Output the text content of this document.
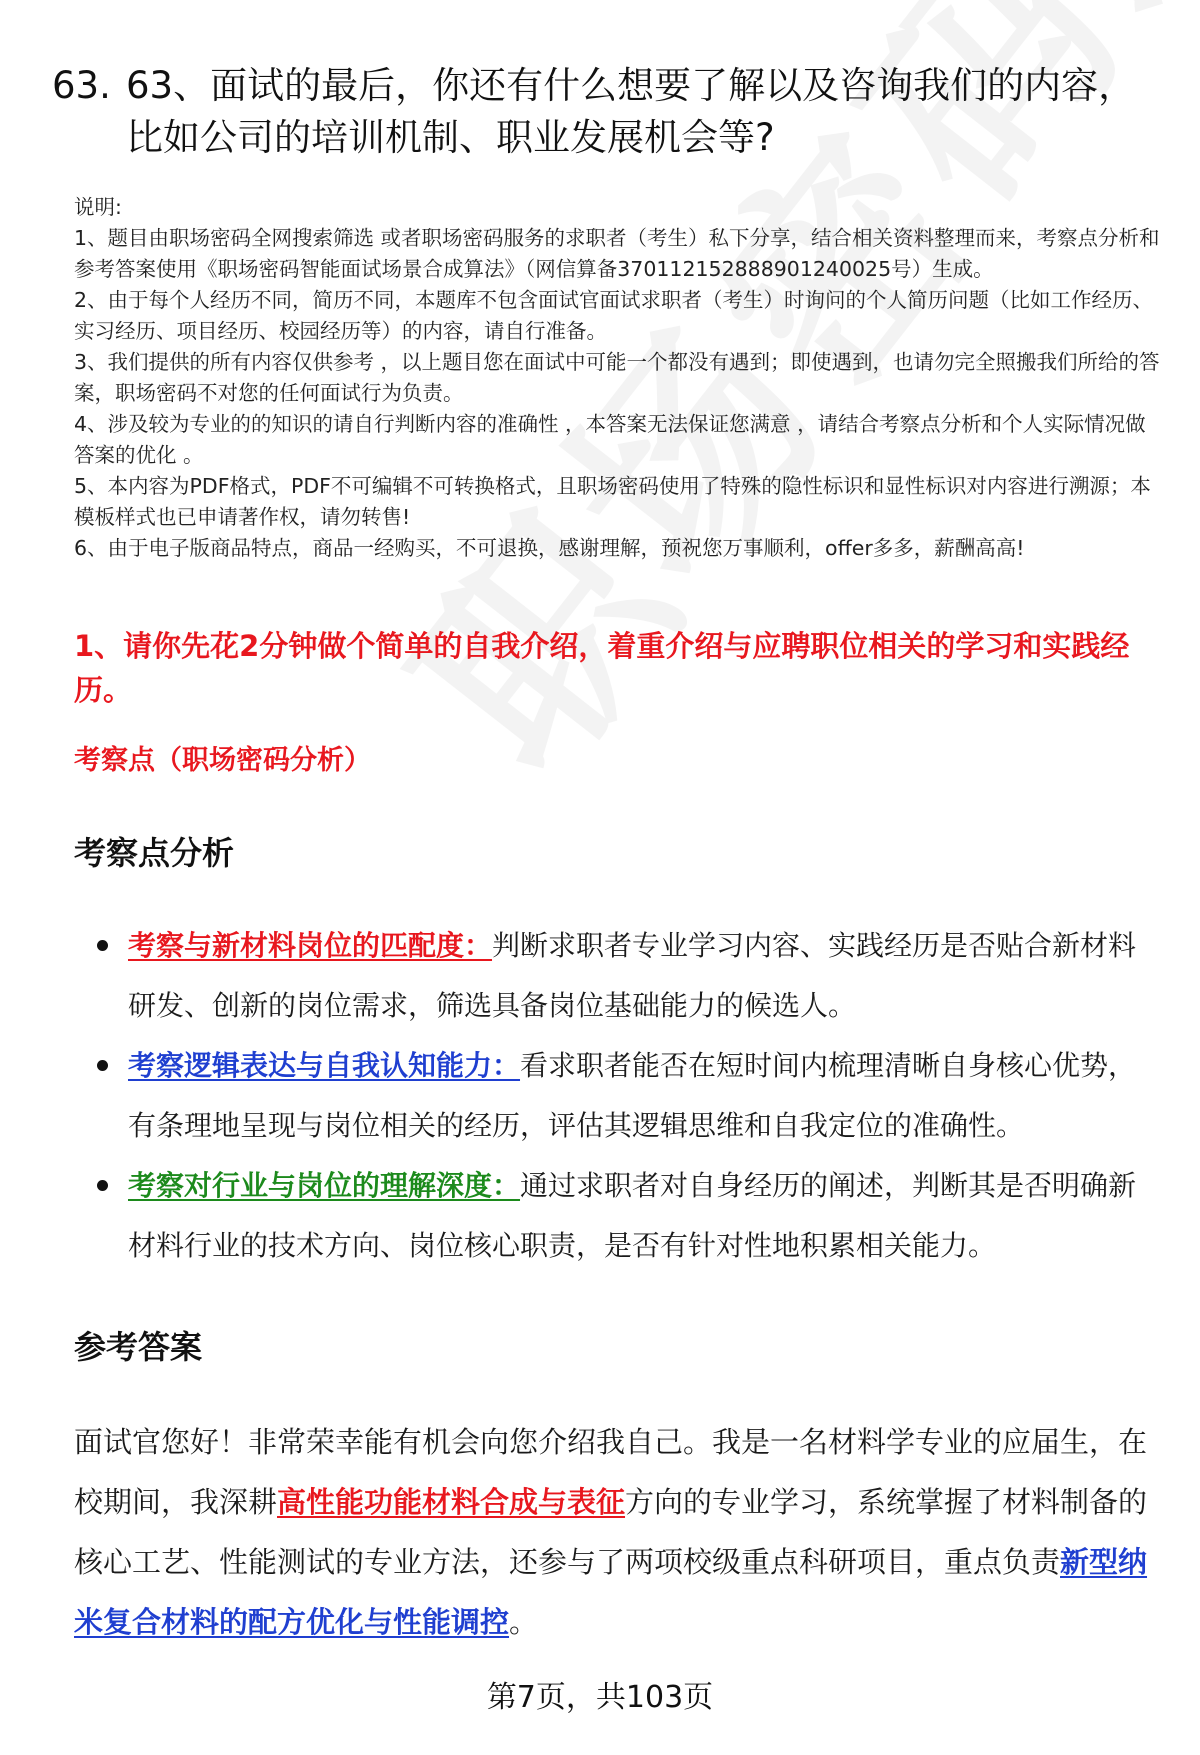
63. 63、面试的最后，你还有什么想要了解以及咨询我们的内容，比如公司的培训机制、职业发展机会等?
说明:
1、题目由职场密码全网搜索筛选 或者职场密码服务的求职者（考生）私下分享，结合相关资料整理而来，考察点分析和参考答案使用《职场密码智能面试场景合成算法》（网信算备370112152888901240025号）生成。
2、由于每个人经历不同，简历不同，本题库不包含面试官面试求职者（考生）时询问的个人简历问题（比如工作经历、实习经历、项目经历、校园经历等）的内容，请自行准备。
3、我们提供的所有内容仅供参考 ，以上题目您在面试中可能一个都没有遇到；即使遇到，也请勿完全照搬我们所给的答案，职场密码不对您的任何面试行为负责。
4、涉及较为专业的的知识的请自行判断内容的准确性 ，本答案无法保证您满意 ，请结合考察点分析和个人实际情况做答案的优化 。
5、本内容为PDF格式，PDF不可编辑不可转换格式，且职场密码使用了特殊的隐性标识和显性标识对内容进行溯源；本模板样式也已申请著作权，请勿转售!
6、由于电子版商品特点，商品一经购买，不可退换，感谢理解，预祝您万事顺利，offer多多，薪酬高高!
1、请你先花2分钟做个简单的自我介绍，着重介绍与应聘职位相关的学习和实践经历。
考察点（职场密码分析）
考察点分析
考察与新材料岗位的匹配度：判断求职者专业学习内容、实践经历是否贴合新材料研发、创新的岗位需求，筛选具备岗位基础能力的候选人。
考察逻辑表达与自我认知能力：看求职者能否在短时间内梳理清晰自身核心优势，有条理地呈现与岗位相关的经历，评估其逻辑思维和自我定位的准确性。
考察对行业与岗位的理解深度：通过求职者对自身经历的阐述，判断其是否明确新材料行业的技术方向、岗位核心职责，是否有针对性地积累相关能力。
参考答案
面试官您好！非常荣幸能有机会向您介绍我自己。我是一名材料学专业的应届生，在校期间，我深耕高性能功能材料合成与表征方向的专业学习，系统掌握了材料制备的核心工艺、性能测试的专业方法，还参与了两项校级重点科研项目，重点负责新型纳米复合材料的配方优化与性能调控。
第7页，共103页
